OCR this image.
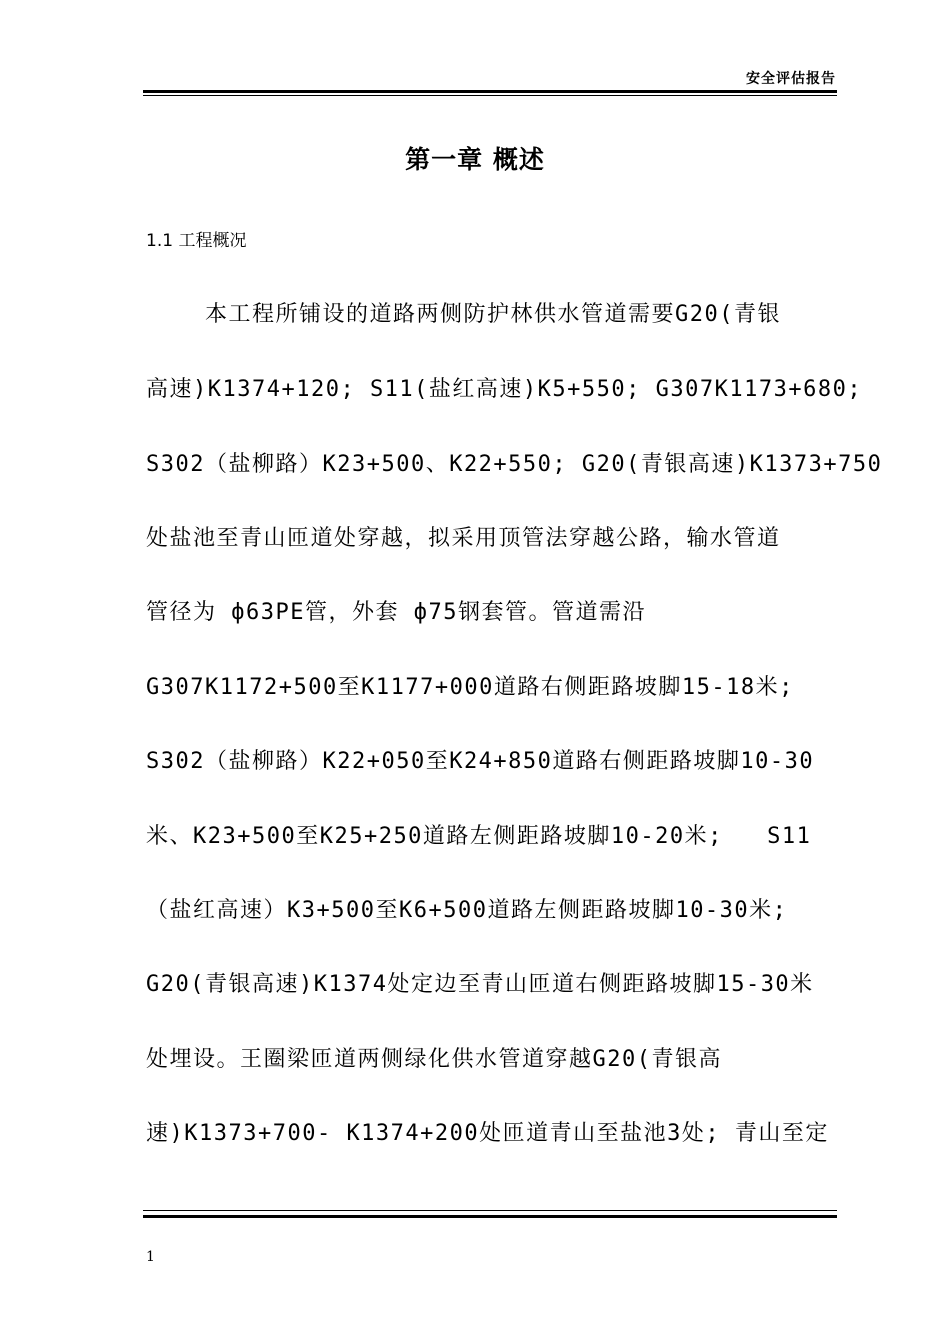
安全评估报告
第一章 概述
1.1 工程概况
本工程所铺设的道路两侧防护林供水管道需要G20(青银
高速)K1374+120; S11(盐红高速)K5+550; G307K1173+680;
S302（盐柳路）K23+500、K22+550; G20(青银高速)K1373+750
处盐池至青山匝道处穿越，拟采用顶管法穿越公路，输水管道
管径为 ф63PE管，外套 ф75钢套管。管道需沿
G307K1172+500至K1177+000道路右侧距路坡脚15-18米;
S302（盐柳路）K22+050至K24+850道路右侧距路坡脚10-30
米、K23+500至K25+250道路左侧距路坡脚10-20米;   S11
（盐红高速）K3+500至K6+500道路左侧距路坡脚10-30米;
G20(青银高速)K1374处定边至青山匝道右侧距路坡脚15-30米
处埋设。王圈梁匝道两侧绿化供水管道穿越G20(青银高
速)K1373+700- K1374+200处匝道青山至盐池3处; 青山至定
1
